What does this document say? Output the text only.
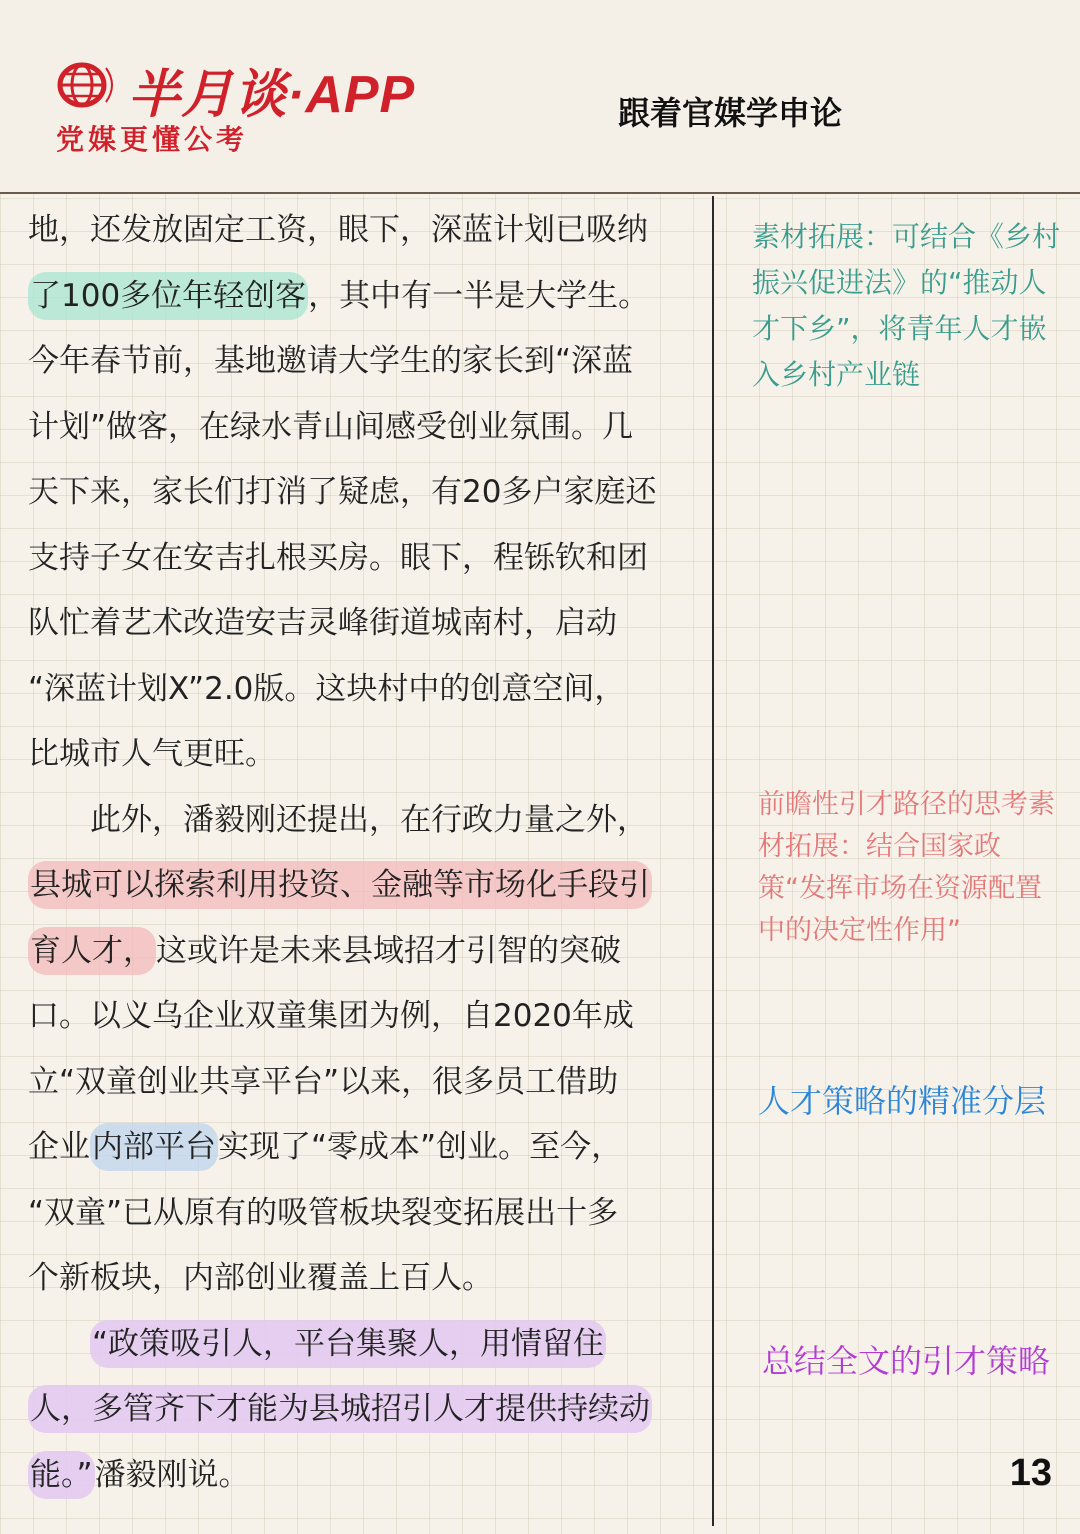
半月谈·APP
党媒更懂公考
跟着官媒学申论
地，还发放固定工资，眼下，深蓝计划已吸纳
了100多位年轻创客，其中有一半是大学生。
今年春节前，基地邀请大学生的家长到“深蓝
计划”做客，在绿水青山间感受创业氛围。几
天下来，家长们打消了疑虑，有20多户家庭还
支持子女在安吉扎根买房。眼下，程铄钦和团
队忙着艺术改造安吉灵峰街道城南村，启动
“深蓝计划X”2.0版。这块村中的创意空间，
比城市人气更旺。
此外，潘毅刚还提出，在行政力量之外，
县城可以探索利用投资、金融等市场化手段引
育人才，这或许是未来县域招才引智的突破
口。以义乌企业双童集团为例，自2020年成
立“双童创业共享平台”以来，很多员工借助
企业内部平台实现了“零成本”创业。至今，
“双童”已从原有的吸管板块裂变拓展出十多
个新板块，内部创业覆盖上百人。
“政策吸引人，平台集聚人，用情留住
人，多管齐下才能为县城招引人才提供持续动
能。”潘毅刚说。
素材拓展：可结合《乡村振兴促进法》的“推动人才下乡”，将青年人才嵌入乡村产业链
前瞻性引才路径的思考素材拓展：结合国家政策“发挥市场在资源配置中的决定性作用”
人才策略的精准分层
总结全文的引才策略
13
